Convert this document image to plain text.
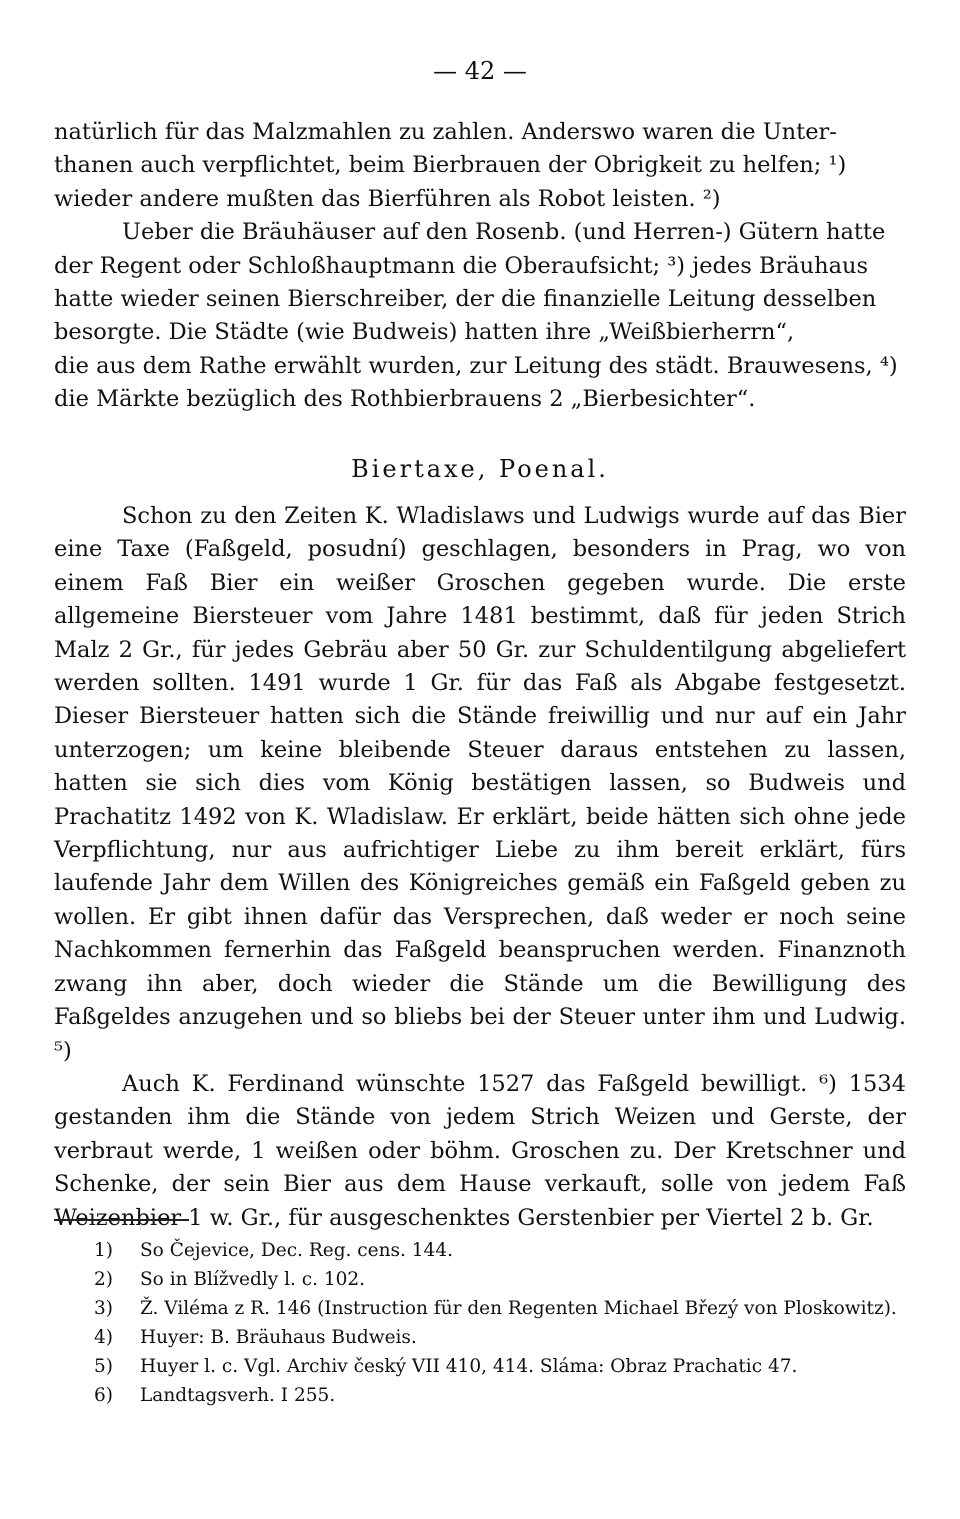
— 42 —
natürlich für das Malzmahlen zu zahlen. Anderswo waren die Unter-
thanen auch verpflichtet, beim Bierbrauen der Obrigkeit zu helfen; ¹)
wieder andere mußten das Bierführen als Robot leisten. ²)
Ueber die Bräuhäuser auf den Rosenb. (und Herren-) Gütern hatte
der Regent oder Schloßhauptmann die Oberaufsicht; ³) jedes Bräuhaus
hatte wieder seinen Bierschreiber, der die finanzielle Leitung desselben
besorgte. Die Städte (wie Budweis) hatten ihre „Weißbierherrn“,
die aus dem Rathe erwählt wurden, zur Leitung des städt. Brauwesens, ⁴)
die Märkte bezüglich des Rothbierbrauens 2 „Bierbesichter“.
Biertaxe, Poenal.

Schon zu den Zeiten K. Wladislaws und Ludwigs wurde auf das Bier eine Taxe (Faßgeld, posudní) geschlagen, besonders in Prag, wo von einem Faß Bier ein weißer Groschen gegeben wurde. Die erste allgemeine Biersteuer vom Jahre 1481 bestimmt, daß für jeden Strich Malz 2 Gr., für jedes Gebräu aber 50 Gr. zur Schuldentilgung abgeliefert werden sollten. 1491 wurde 1 Gr. für das Faß als Abgabe festgesetzt. Dieser Biersteuer hatten sich die Stände freiwillig und nur auf ein Jahr unterzogen; um keine bleibende Steuer daraus entstehen zu lassen, hatten sie sich dies vom König bestätigen lassen, so Budweis und Prachatitz 1492 von K. Wladislaw. Er erklärt, beide hätten sich ohne jede Verpflichtung, nur aus aufrichtiger Liebe zu ihm bereit erklärt, fürs laufende Jahr dem Willen des Königreiches gemäß ein Faßgeld geben zu wollen. Er gibt ihnen dafür das Versprechen, daß weder er noch seine Nachkommen fernerhin das Faßgeld beanspruchen werden. Finanznoth zwang ihn aber, doch wieder die Stände um die Bewilligung des Faßgeldes anzugehen und so bliebs bei der Steuer unter ihm und Ludwig. ⁵)

Auch K. Ferdinand wünschte 1527 das Faßgeld bewilligt. ⁶) 1534 gestanden ihm die Stände von jedem Strich Weizen und Gerste, der verbraut werde, 1 weißen oder böhm. Groschen zu. Der Kretschner und Schenke, der sein Bier aus dem Hause verkauft, solle von jedem Faß Weizenbier 1 w. Gr., für ausgeschenktes Gerstenbier per Viertel 2 b. Gr.

1) So Čejevice, Dec. Reg. cens. 144.
2) So in Blížvedly l. c. 102.
3) Ž. Viléma z R. 146 (Instruction für den Regenten Michael Březý von Ploskowitz).
4) Huyer: B. Bräuhaus Budweis.
5) Huyer l. c. Vgl. Archiv český VII 410, 414. Sláma: Obraz Prachatic 47.
6) Landtagsverh. I 255.
